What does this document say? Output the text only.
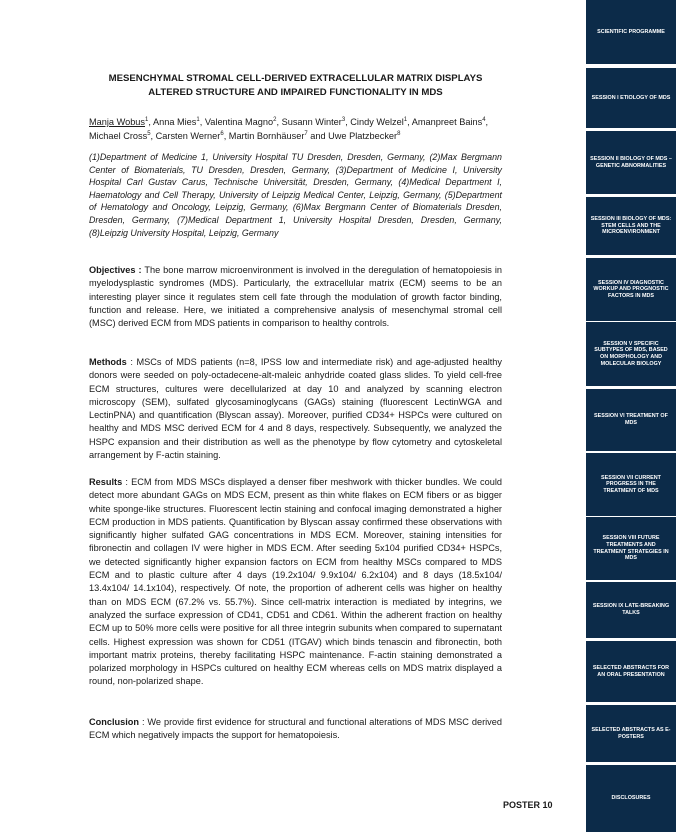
MESENCHYMAL STROMAL CELL-DERIVED EXTRACELLULAR MATRIX DISPLAYS
ALTERED STRUCTURE AND IMPAIRED FUNCTIONALITY IN MDS

Manja Wobus$^1$, Anna Mies$^1$, Valentina Magno$^2$, Susann Winter$^3$, Cindy Welzel$^1$, Amanpreet Bains$^4$, Michael Cross$^5$, Carsten Werner$^6$, Martin Bornhäuser$^7$ and Uwe Platzbecker$^8$

(1)Department of Medicine 1, University Hospital TU Dresden, Dresden, Germany, (2)Max Bergmann Center of Biomaterials, TU Dresden, Dresden, Germany, (3)Department of Medicine I, University Hospital Carl Gustav Carus, Technische Universität, Dresden, Germany, (4)Medical Department I, Haematology and Cell Therapy, University of Leipzig Medical Center, Leipzig, Germany, (5)Department of Hematology and Oncology, Leipzig, Germany, (6)Max Bergmann Center of Biomaterials Dresden, Dresden, Germany, (7)Medical Department 1, University Hospital Dresden, Dresden, Germany, (8)Leipzig University Hospital, Leipzig, Germany

Objectives : The bone marrow microenvironment is involved in the deregulation of hematopoiesis in myelodysplastic syndromes (MDS). Particularly, the extracellular matrix (ECM) seems to be an interesting player since it regulates stem cell fate through the modulation of growth factor binding, function and release. Here, we initiated a comprehensive analysis of mesenchymal stromal cell (MSC) derived ECM from MDS patients in comparison to healthy controls.

Methods : MSCs of MDS patients (n=8, IPSS low and intermediate risk) and age-adjusted healthy donors were seeded on poly-octadecene-alt-maleic anhydride coated glass slides. To yield cell-free ECM structures, cultures were decellularized at day 10 and analyzed by scanning electron microscopy (SEM), sulfated glycosaminoglycans (GAGs) staining (fluorescent LectinWGA and LectinPNA) and quantification (Blyscan assay). Moreover, purified CD34+ HSPCs were cultured on healthy and MDS MSC derived ECM for 4 and 8 days, respectively. Subsequently, we analyzed the HSPC expansion and their distribution as well as the phenotype by flow cytometry and cytoskeletal arrangement by F-actin staining.

Results : ECM from MDS MSCs displayed a denser fiber meshwork with thicker bundles. We could detect more abundant GAGs on MDS ECM, present as thin white flakes on ECM fibers or as bigger white sponge-like structures. Fluorescent lectin staining and confocal imaging demonstrated a higher ECM production in MDS patients. Quantification by Blyscan assay confirmed these observations with significantly higher sulfated GAG concentrations in MDS ECM. Moreover, staining intensities for fibronectin and collagen IV were higher in MDS ECM. After seeding 5x104 purified CD34+ HSPCs, we detected significantly higher expansion factors on ECM from healthy MSCs compared to MDS ECM and to plastic culture after 4 days (19.2x104/ 9.9x104/ 6.2x104) and 8 days (18.5x104/ 13.4x104/ 14.1x104), respectively. Of note, the proportion of adherent cells was higher on healthy than on MDS ECM (67.2% vs. 55.7%). Since cell-matrix interaction is mediated by integrins, we analyzed the surface expression of CD41, CD51 and CD61. Within the adherent fraction on healthy ECM up to 50% more cells were positive for all three integrin subunits when compared to supernatant cells. Highest expression was shown for CD51 (ITGAV) which binds tenascin and fibronectin, both important matrix proteins, thereby facilitating HSPC maintenance. F-actin staining demonstrated a polarized morphology in HSPCs cultured on healthy ECM whereas cells on MDS matrix displayed a round, non-polarized shape.

Conclusion : We provide first evidence for structural and functional alterations of MDS MSC derived ECM which negatively impacts the support for hematopoiesis.

POSTER 10

SCIENTIFIC PROGRAMME
SESSION I ETIOLOGY OF MDS
SESSION II BIOLOGY OF MDS – GENETIC ABNORMALITIES
SESSION III BIOLOGY OF MDS: STEM CELLS AND THE MICROENVIRONMENT
SESSION IV DIAGNOSTIC WORKUP AND PROGNOSTIC FACTORS IN MDS
SESSION V SPECIFIC SUBTYPES OF MDS, BASED ON MORPHOLOGY AND MOLECULAR BIOLOGY
SESSION VI TREATMENT OF MDS
SESSION VII CURRENT PROGRESS IN THE TREATMENT OF MDS
SESSION VIII FUTURE TREATMENTS AND TREATMENT STRATEGIES IN MDS
SESSION IX LATE-BREAKING TALKS
SELECTED ABSTRACTS FOR AN ORAL PRESENTATION
SELECTED ABSTRACTS AS E-POSTERS
DISCLOSURES
